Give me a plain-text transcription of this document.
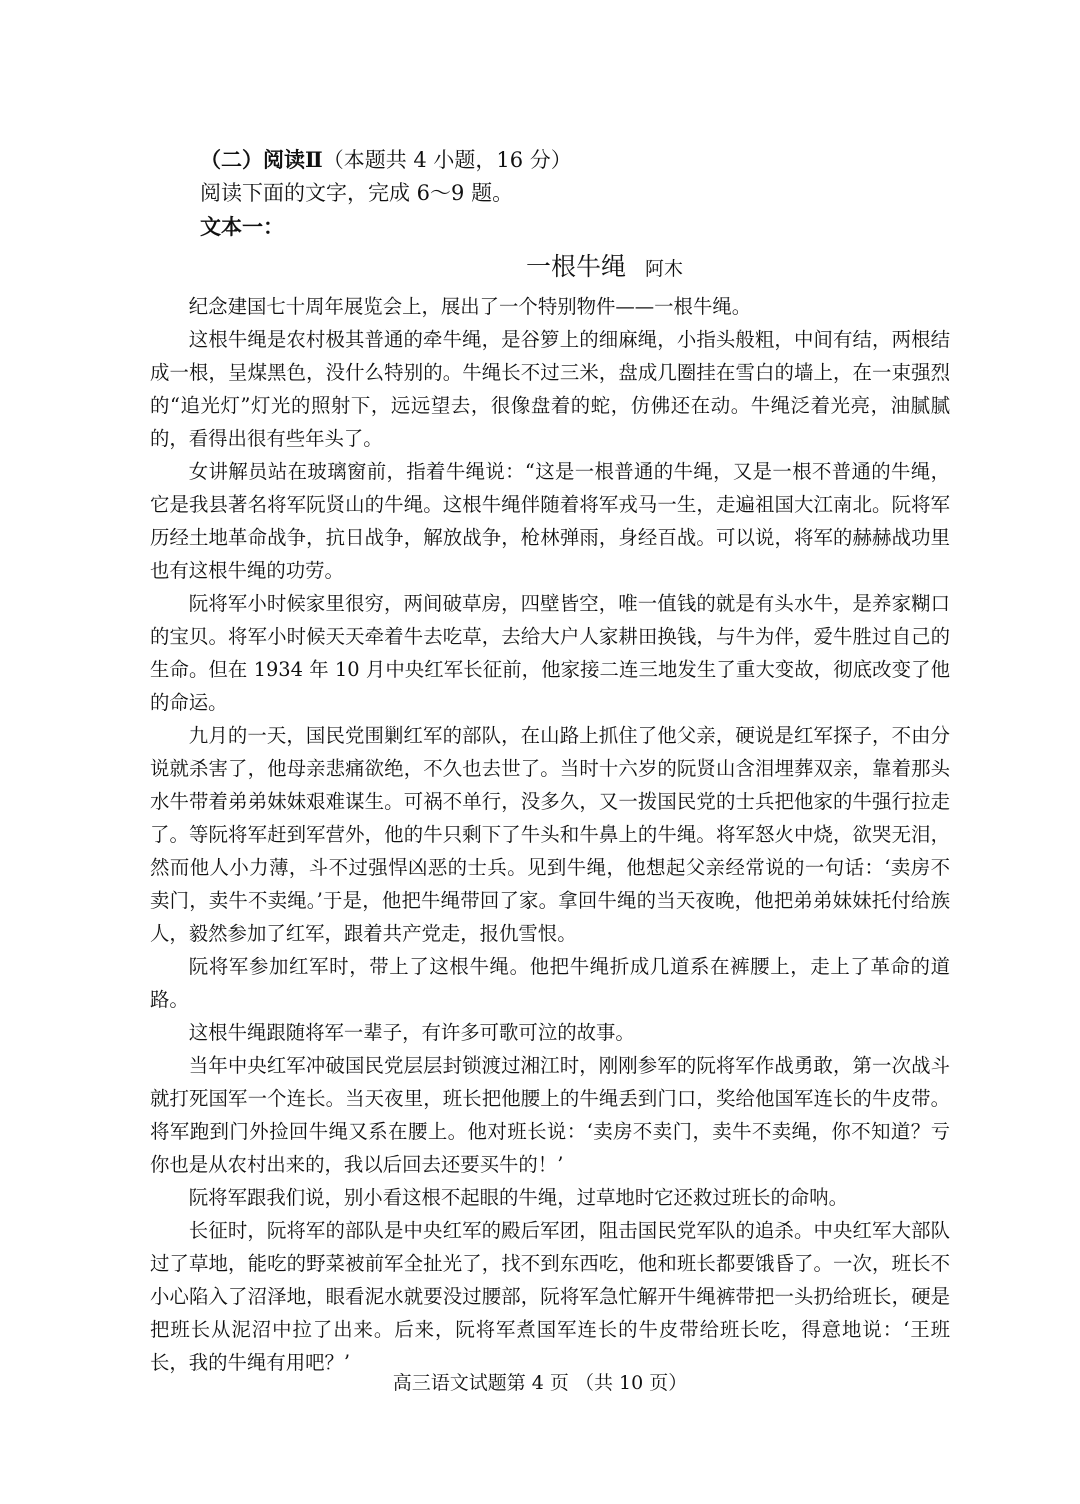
（二）阅读Ⅱ（本题共 4 小题，16 分）
阅读下面的文字，完成 6～9 题。
文本一：
一根牛绳 阿木

纪念建国七十周年展览会上，展出了一个特别物件——一根牛绳。

这根牛绳是农村极其普通的牵牛绳，是谷箩上的细麻绳，小指头般粗，中间有结，两根结成一根，呈煤黑色，没什么特别的。牛绳长不过三米，盘成几圈挂在雪白的墙上，在一束强烈的“追光灯”灯光的照射下，远远望去，很像盘着的蛇，仿佛还在动。牛绳泛着光亮，油腻腻的，看得出很有些年头了。

女讲解员站在玻璃窗前，指着牛绳说：“这是一根普通的牛绳，又是一根不普通的牛绳，它是我县著名将军阮贤山的牛绳。这根牛绳伴随着将军戎马一生，走遍祖国大江南北。阮将军历经土地革命战争，抗日战争，解放战争，枪林弹雨，身经百战。可以说，将军的赫赫战功里也有这根牛绳的功劳。

阮将军小时候家里很穷，两间破草房，四壁皆空，唯一值钱的就是有头水牛，是养家糊口的宝贝。将军小时候天天牵着牛去吃草，去给大户人家耕田换钱，与牛为伴，爱牛胜过自己的生命。但在 1934 年 10 月中央红军长征前，他家接二连三地发生了重大变故，彻底改变了他的命运。

九月的一天，国民党围剿红军的部队，在山路上抓住了他父亲，硬说是红军探子，不由分说就杀害了，他母亲悲痛欲绝，不久也去世了。当时十六岁的阮贤山含泪埋葬双亲，靠着那头水牛带着弟弟妹妹艰难谋生。可祸不单行，没多久，又一拨国民党的士兵把他家的牛强行拉走了。等阮将军赶到军营外，他的牛只剩下了牛头和牛鼻上的牛绳。将军怒火中烧，欲哭无泪，然而他人小力薄，斗不过强悍凶恶的士兵。见到牛绳，他想起父亲经常说的一句话：‘卖房不卖门，卖牛不卖绳。’于是，他把牛绳带回了家。拿回牛绳的当天夜晚，他把弟弟妹妹托付给族人，毅然参加了红军，跟着共产党走，报仇雪恨。

阮将军参加红军时，带上了这根牛绳。他把牛绳折成几道系在裤腰上，走上了革命的道路。

这根牛绳跟随将军一辈子，有许多可歌可泣的故事。

当年中央红军冲破国民党层层封锁渡过湘江时，刚刚参军的阮将军作战勇敢，第一次战斗就打死国军一个连长。当天夜里，班长把他腰上的牛绳丢到门口，奖给他国军连长的牛皮带。将军跑到门外捡回牛绳又系在腰上。他对班长说：‘卖房不卖门，卖牛不卖绳，你不知道？亏你也是从农村出来的，我以后回去还要买牛的！’

阮将军跟我们说，别小看这根不起眼的牛绳，过草地时它还救过班长的命呐。

长征时，阮将军的部队是中央红军的殿后军团，阻击国民党军队的追杀。中央红军大部队过了草地，能吃的野菜被前军全扯光了，找不到东西吃，他和班长都要饿昏了。一次，班长不小心陷入了沼泽地，眼看泥水就要没过腰部，阮将军急忙解开牛绳裤带把一头扔给班长，硬是把班长从泥沼中拉了出来。后来，阮将军煮国军连长的牛皮带给班长吃，得意地说：‘王班长，我的牛绳有用吧？’

高三语文试题第 4 页 （共 10 页）
